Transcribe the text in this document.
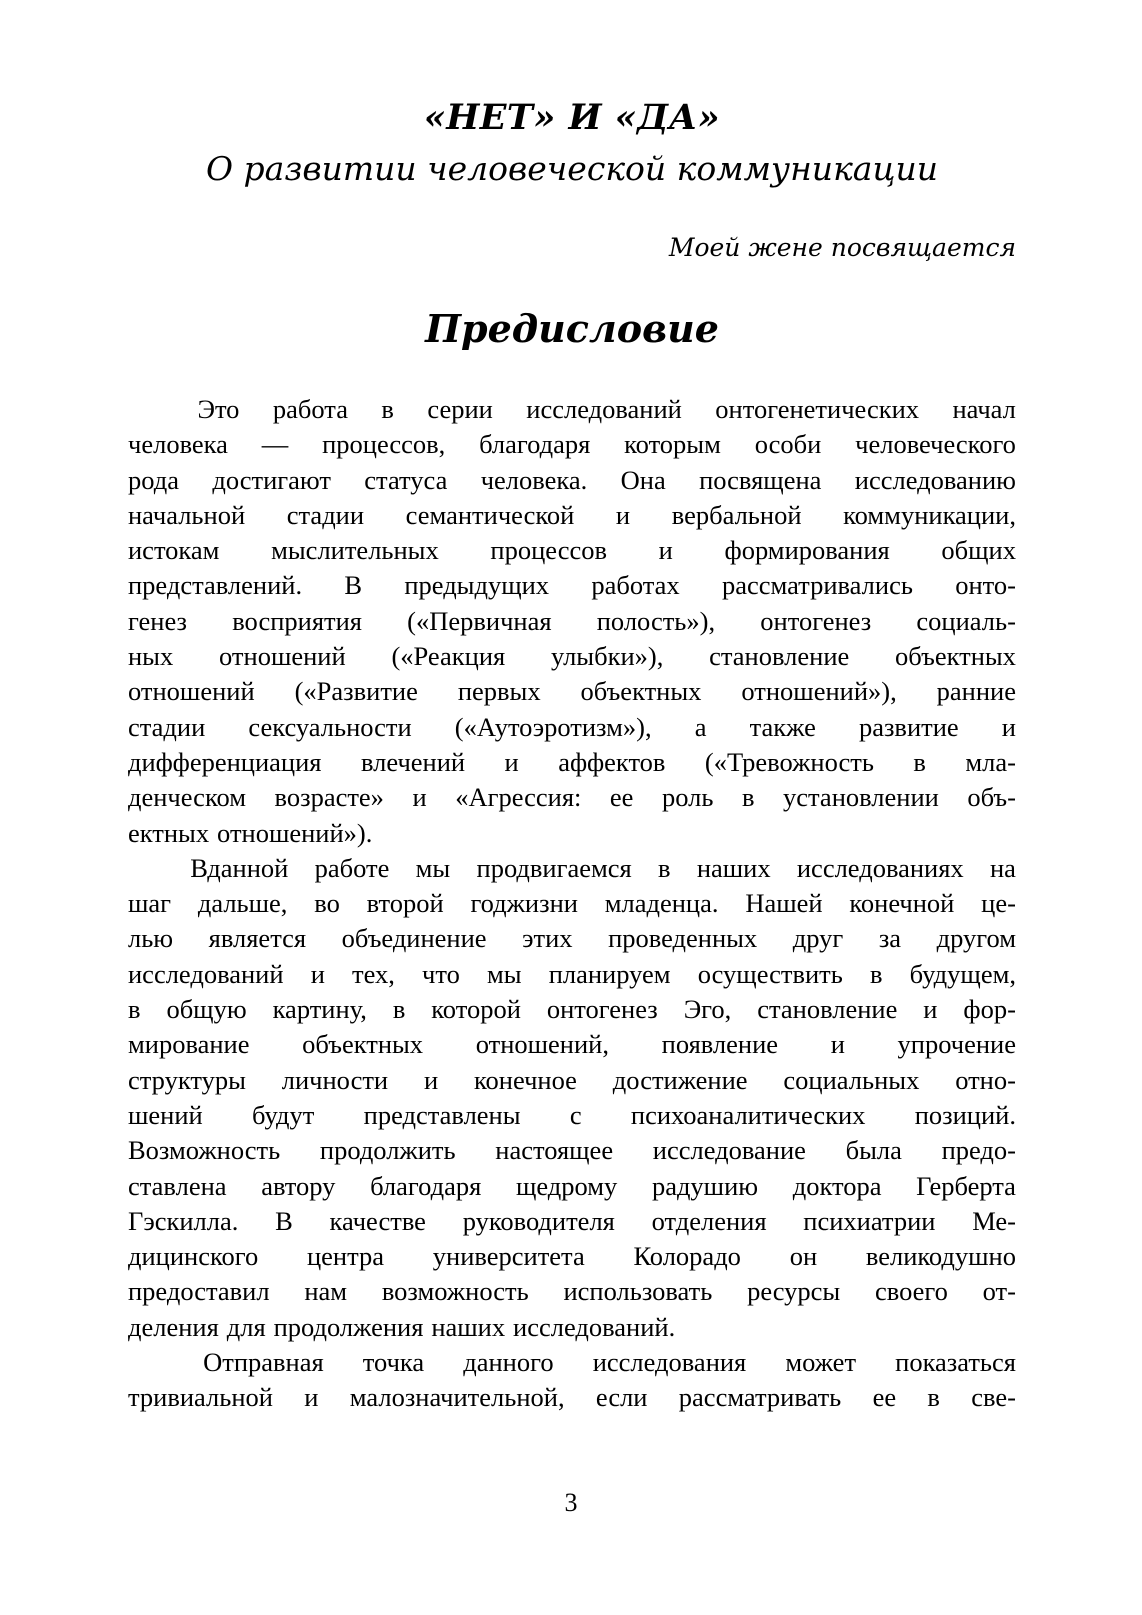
«НЕТ» И «ДА»
О развитии человеческой коммуникации
Моей жене посвящается
Предисловие
Это работа в серии исследований онтогенетических начал
человека — процессов, благодаря которым особи человеческого
рода достигают статуса человека. Она посвящена исследованию
начальной стадии семантической и вербальной коммуникации,
истокам мыслительных процессов и формирования общих
представлений. В предыдущих работах рассматривались онто-
генез восприятия («Первичная полость»), онтогенез социаль-
ных отношений («Реакция улыбки»), становление объектных
отношений («Развитие первых объектных отношений»), ранние
стадии сексуальности («Аутоэротизм»), а также развитие и
дифференциация влечений и аффектов («Тревожность в мла-
денческом возрасте» и «Агрессия: ее роль в установлении объ-
ектных отношений»).
Вданной работе мы продвигаемся в наших исследованиях на
шаг дальше, во второй годжизни младенца. Нашей конечной це-
лью является объединение этих проведенных друг за другом
исследований и тех, что мы планируем осуществить в будущем,
в общую картину, в которой онтогенез Эго, становление и фор-
мирование объектных отношений, появление и упрочение
структуры личности и конечное достижение социальных отно-
шений будут представлены с психоаналитических позиций.
Возможность продолжить настоящее исследование была предо-
ставлена автору благодаря щедрому радушию доктора Герберта
Гэскилла. В качестве руководителя отделения психиатрии Ме-
дицинского центра университета Колорадо он великодушно
предоставил нам возможность использовать ресурсы своего от-
деления для продолжения наших исследований.
Отправная точка данного исследования может показаться
тривиальной и малозначительной, если рассматривать ее в све-
3
